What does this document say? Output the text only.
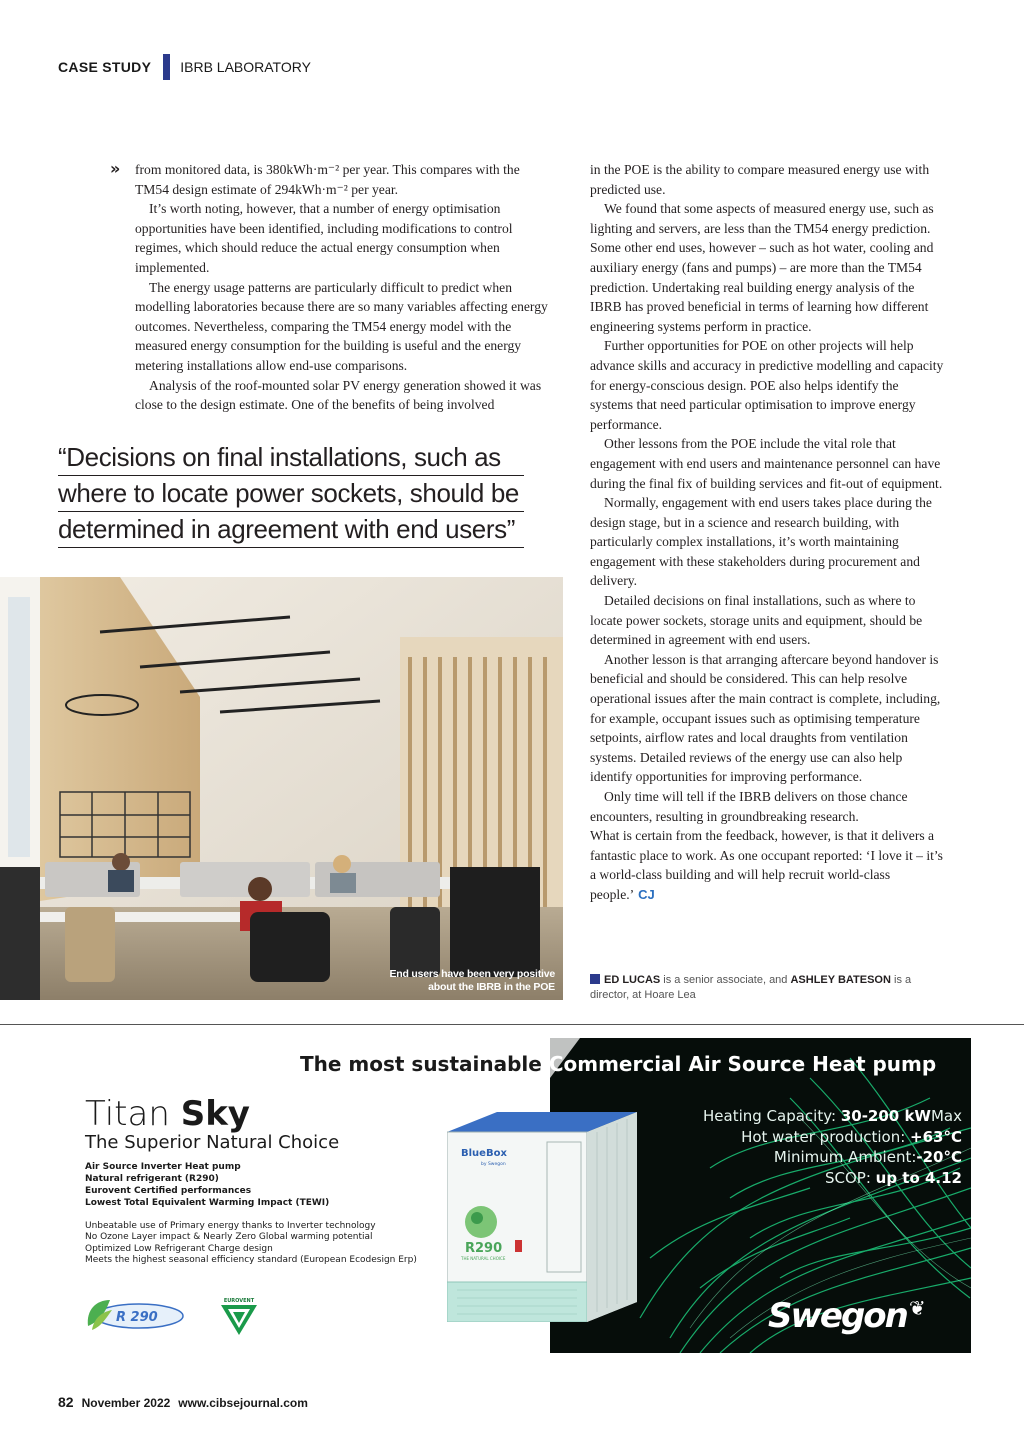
CASE STUDY IBRB LABORATORY
» from monitored data, is 380kWh·m⁻² per year. This compares with the TM54 design estimate of 294kWh·m⁻² per year.

It’s worth noting, however, that a number of energy optimisation opportunities have been identified, including modifications to control regimes, which should reduce the actual energy consumption when implemented.

The energy usage patterns are particularly difficult to predict when modelling laboratories because there are so many variables affecting energy outcomes. Nevertheless, comparing the TM54 energy model with the measured energy consumption for the building is useful and the energy metering installations allow end-use comparisons.

Analysis of the roof-mounted solar PV energy generation showed it was close to the design estimate. One of the benefits of being involved

“Decisions on final installations, such as
where to locate power sockets, should be
determined in agreement with end users”
End users have been very positive
about the IBRB in the POE

in the POE is the ability to compare measured energy use with predicted use.

We found that some aspects of measured energy use, such as lighting and servers, are less than the TM54 energy prediction. Some other end uses, however – such as hot water, cooling and auxiliary energy (fans and pumps) – are more than the TM54 prediction. Undertaking real building energy analysis of the IBRB has proved beneficial in terms of learning how different engineering systems perform in practice.

Further opportunities for POE on other projects will help advance skills and accuracy in predictive modelling and capacity for energy-conscious design. POE also helps identify the systems that need particular optimisation to improve energy performance.

Other lessons from the POE include the vital role that engagement with end users and maintenance personnel can have during the final fix of building services and fit-out of equipment.

Normally, engagement with end users takes place during the design stage, but in a science and research building, with particularly complex installations, it’s worth maintaining engagement with these stakeholders during procurement and delivery.

Detailed decisions on final installations, such as where to locate power sockets, storage units and equipment, should be determined in agreement with end users.

Another lesson is that arranging aftercare beyond handover is beneficial and should be considered. This can help resolve operational issues after the main contract is complete, including, for example, occupant issues such as optimising temperature setpoints, airflow rates and local draughts from ventilation systems. Detailed reviews of the energy use can also help identify opportunities for improving performance.

Only time will tell if the IBRB delivers on those chance encounters, resulting in groundbreaking research.

What is certain from the feedback, however, is that it delivers a fantastic place to work. As one occupant reported: ‘I love it – it’s a world-class building and will help recruit world-class people.’ CJ

ED LUCAS is a senior associate, and ASHLEY BATESON is a director, at Hoare Lea
The most sustainable Commercial Air Source Heat pump
Titan Sky
The Superior Natural Choice
Air Source Inverter Heat pump
Natural refrigerant (R290)
Eurovent Certified performances
Lowest Total Equivalent Warming Impact (TEWI)
Unbeatable use of Primary energy thanks to Inverter technology
No Ozone Layer impact & Nearly Zero Global warming potential
Optimized Low Refrigerant Charge design
Meets the highest seasonal efficiency standard (European Ecodesign Erp)
Heating Capacity: 30-200 kWMax
Hot water production: +63°C
Minimum Ambient:-20°C
SCOP: up to 4.12
BlueBox
by Swegon
R290
THE NATURAL CHOICE
Swegon ❦
R 290
EUROVENT
82 November 2022 www.cibsejournal.com
